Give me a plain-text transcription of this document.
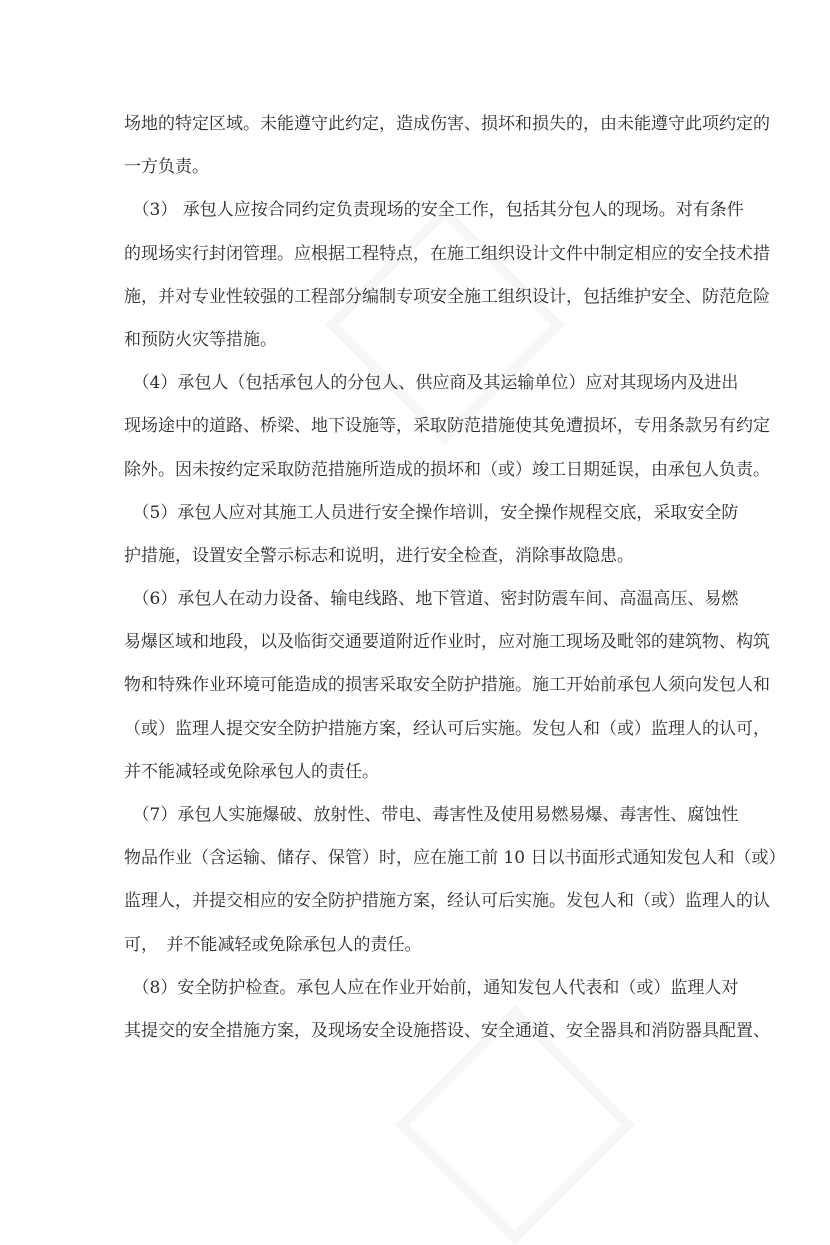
场地的特定区域。未能遵守此约定，造成伤害、损坏和损失的，由未能遵守此项约定的
一方负责。
　（3） 承包人应按合同约定负责现场的安全工作，包括其分包人的现场。对有条件
的现场实行封闭管理。应根据工程特点，在施工组织设计文件中制定相应的安全技术措
施，并对专业性较强的工程部分编制专项安全施工组织设计，包括维护安全、防范危险
和预防火灾等措施。
　（4）承包人（包括承包人的分包人、供应商及其运输单位）应对其现场内及进出
现场途中的道路、桥梁、地下设施等，采取防范措施使其免遭损坏，专用条款另有约定
除外。因未按约定采取防范措施所造成的损坏和（或）竣工日期延误，由承包人负责。
　（5）承包人应对其施工人员进行安全操作培训，安全操作规程交底，采取安全防
护措施，设置安全警示标志和说明，进行安全检查，消除事故隐患。
　（6）承包人在动力设备、输电线路、地下管道、密封防震车间、高温高压、易燃
易爆区域和地段，以及临街交通要道附近作业时，应对施工现场及毗邻的建筑物、构筑
物和特殊作业环境可能造成的损害采取安全防护措施。施工开始前承包人须向发包人和
（或）监理人提交安全防护措施方案，经认可后实施。发包人和（或）监理人的认可，
并不能减轻或免除承包人的责任。
　（7）承包人实施爆破、放射性、带电、毒害性及使用易燃易爆、毒害性、腐蚀性
物品作业（含运输、储存、保管）时，应在施工前 10 日以书面形式通知发包人和（或）
监理人，并提交相应的安全防护措施方案，经认可后实施。发包人和（或）监理人的认
可，　并不能减轻或免除承包人的责任。
　（8）安全防护检查。承包人应在作业开始前，通知发包人代表和（或）监理人对
其提交的安全措施方案，及现场安全设施搭设、安全通道、安全器具和消防器具配置、
